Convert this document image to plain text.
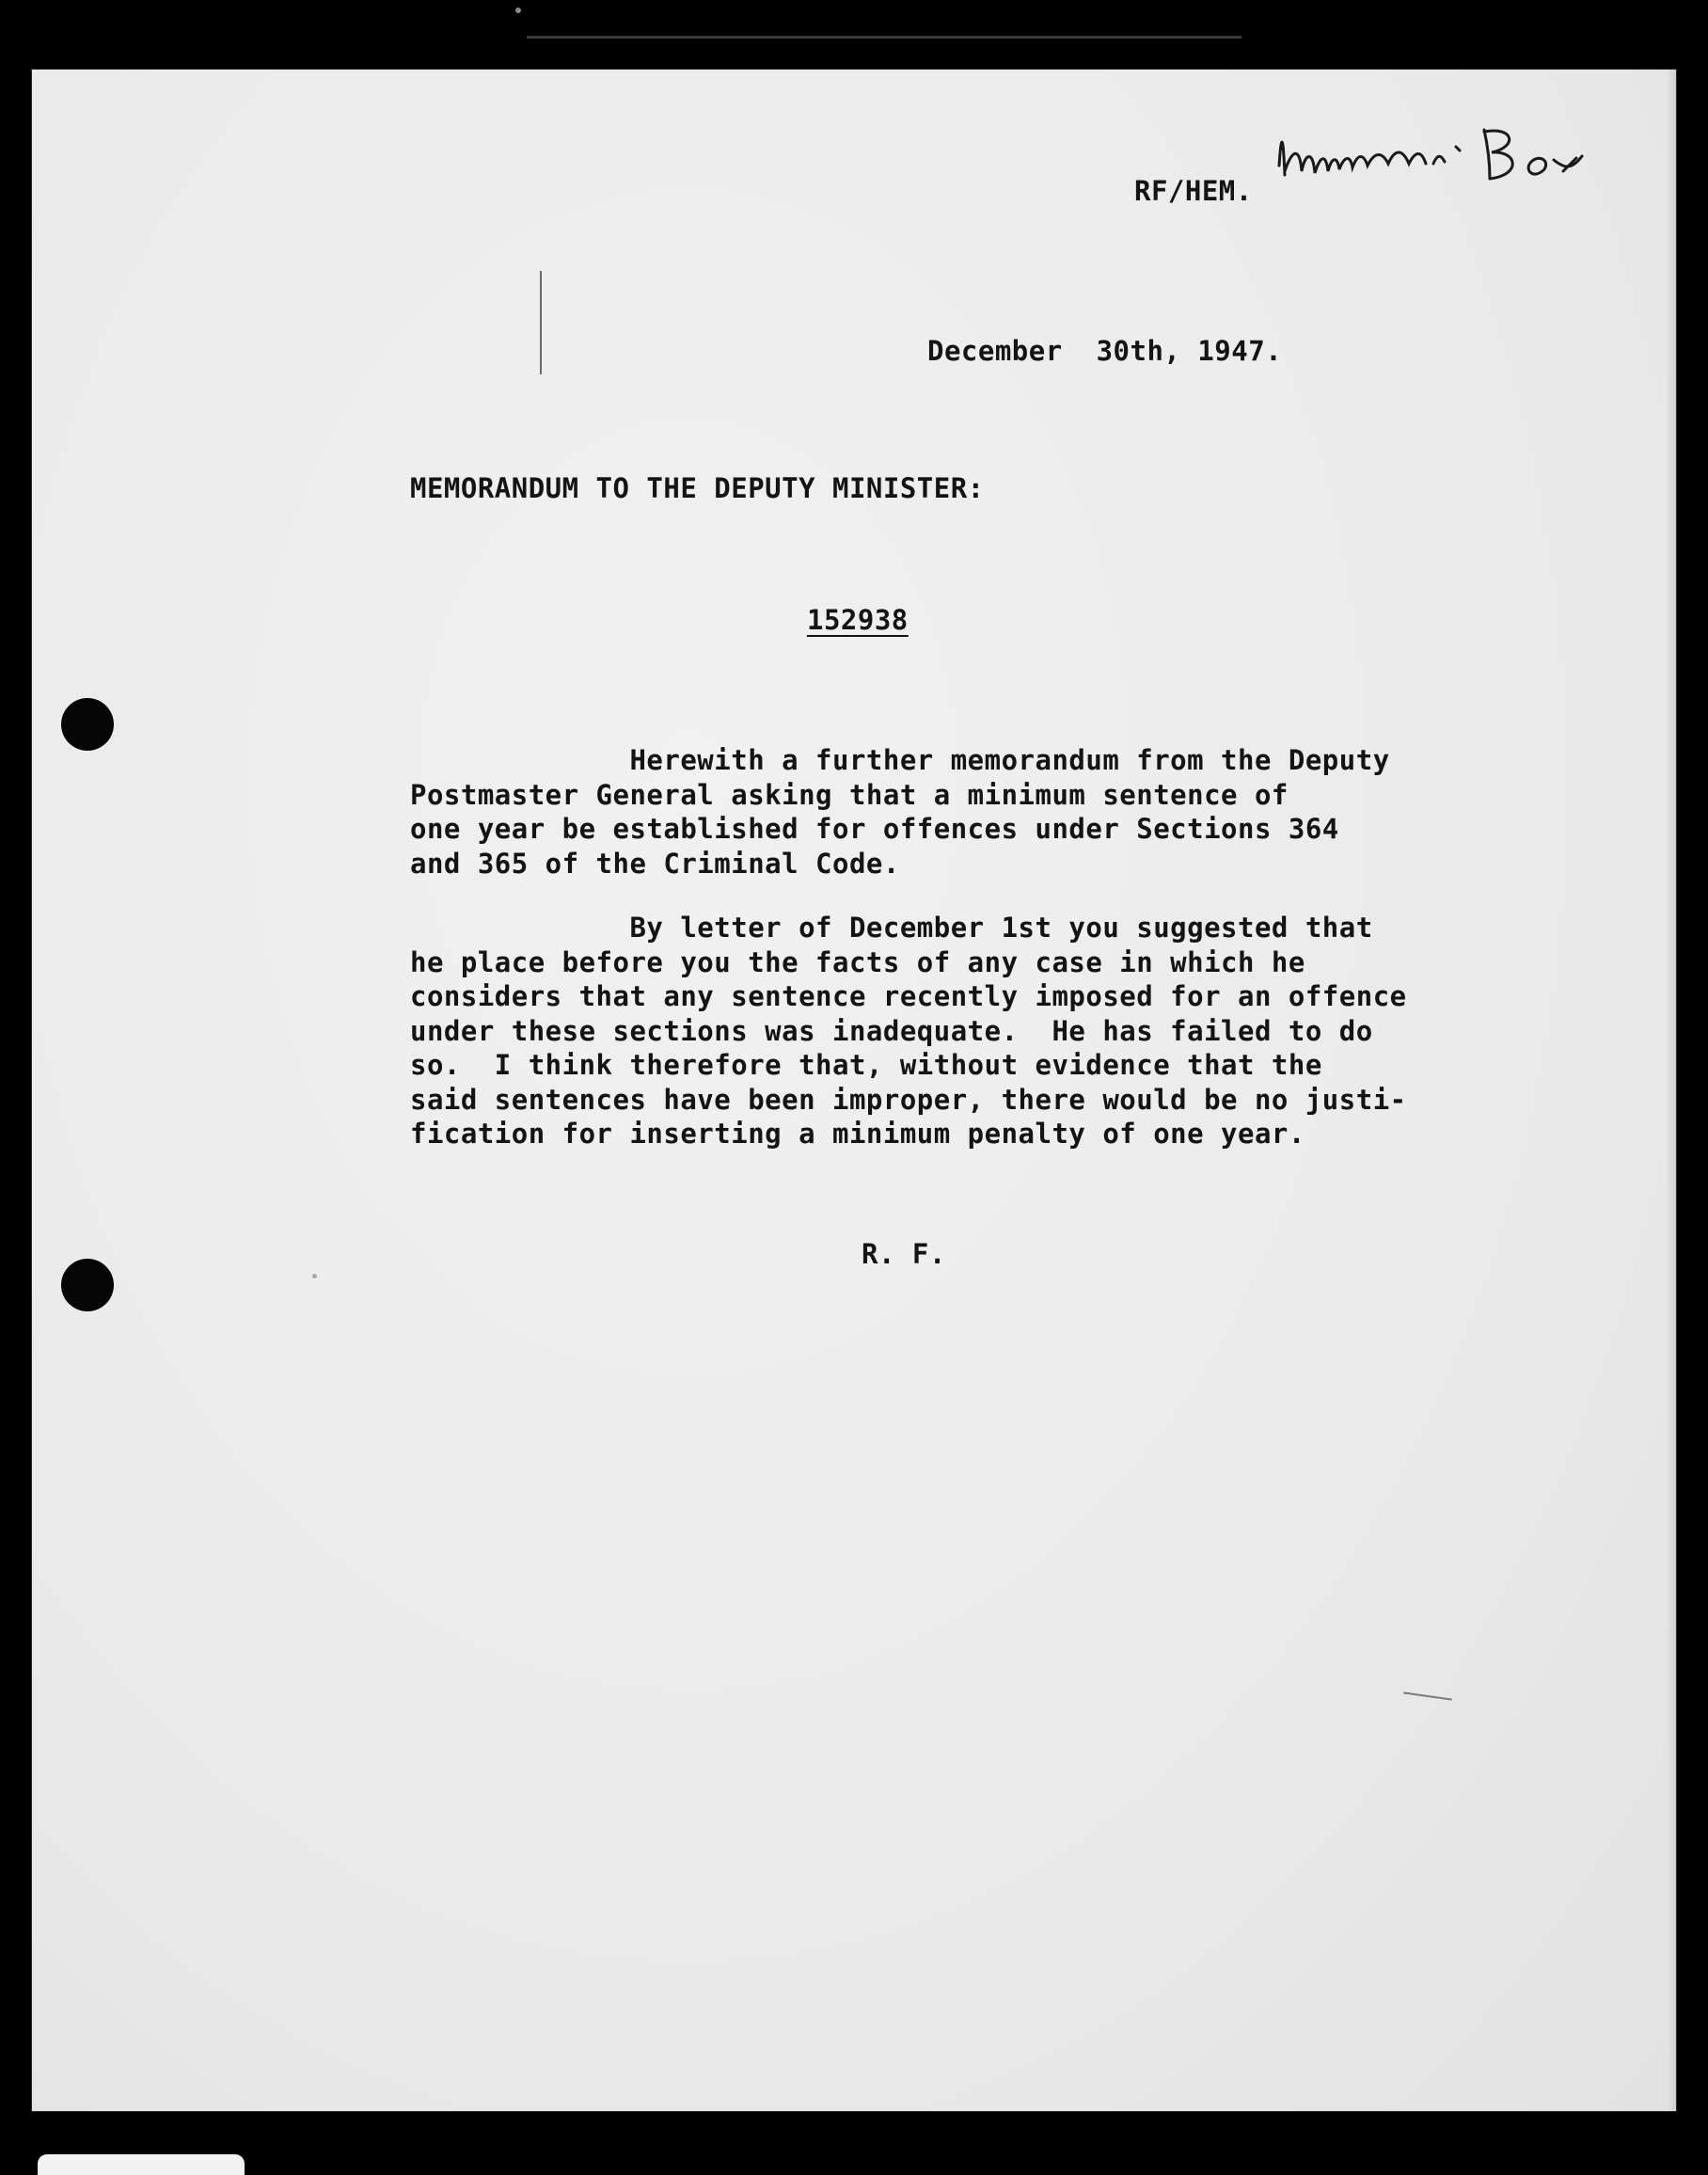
RF/HEM.

December  30th, 1947.

MEMORANDUM TO THE DEPUTY MINISTER:

152938

Herewith a further memorandum from the Deputy
Postmaster General asking that a minimum sentence of
one year be established for offences under Sections 364
and 365 of the Criminal Code.

By letter of December 1st you suggested that
he place before you the facts of any case in which he
considers that any sentence recently imposed for an offence
under these sections was inadequate.  He has failed to do
so.  I think therefore that, without evidence that the
said sentences have been improper, there would be no justi-
fication for inserting a minimum penalty of one year.

R. F.
